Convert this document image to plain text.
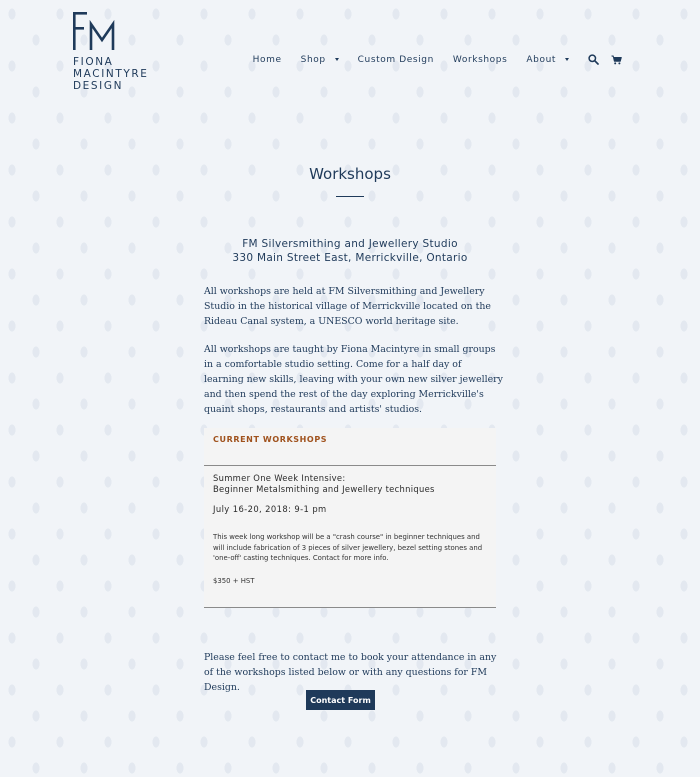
FIONA
MACINTYRE
DESIGN
Home Shop	Custom Design Workshops About
Workshops
FM Silversmithing and Jewellery Studio
330 Main Street East, Merrickville, Ontario

All workshops are held at FM Silversmithing and Jewellery Studio in the historical village of Merrickville located on the Rideau Canal system, a UNESCO world heritage site.

All workshops are taught by Fiona Macintyre in small groups in a comfortable studio setting. Come for a half day of learning new skills, leaving with your own new silver jewellery and then spend the rest of the day exploring Merrickville's quaint shops, restaurants and artists' studios.

CURRENT WORKSHOPS
Summer One Week Intensive:
Beginner Metalsmithing and Jewellery techniques
July 16-20, 2018: 9-1 pm
This week long workshop will be a "crash course" in beginner techniques and will include fabrication of 3 pieces of silver jewellery, bezel setting stones and 'one-off' casting techniques. Contact for more info.
$350 + HST

Please feel free to contact me to book your attendance in any of the workshops listed below or with any questions for FM Design.

Contact Form
